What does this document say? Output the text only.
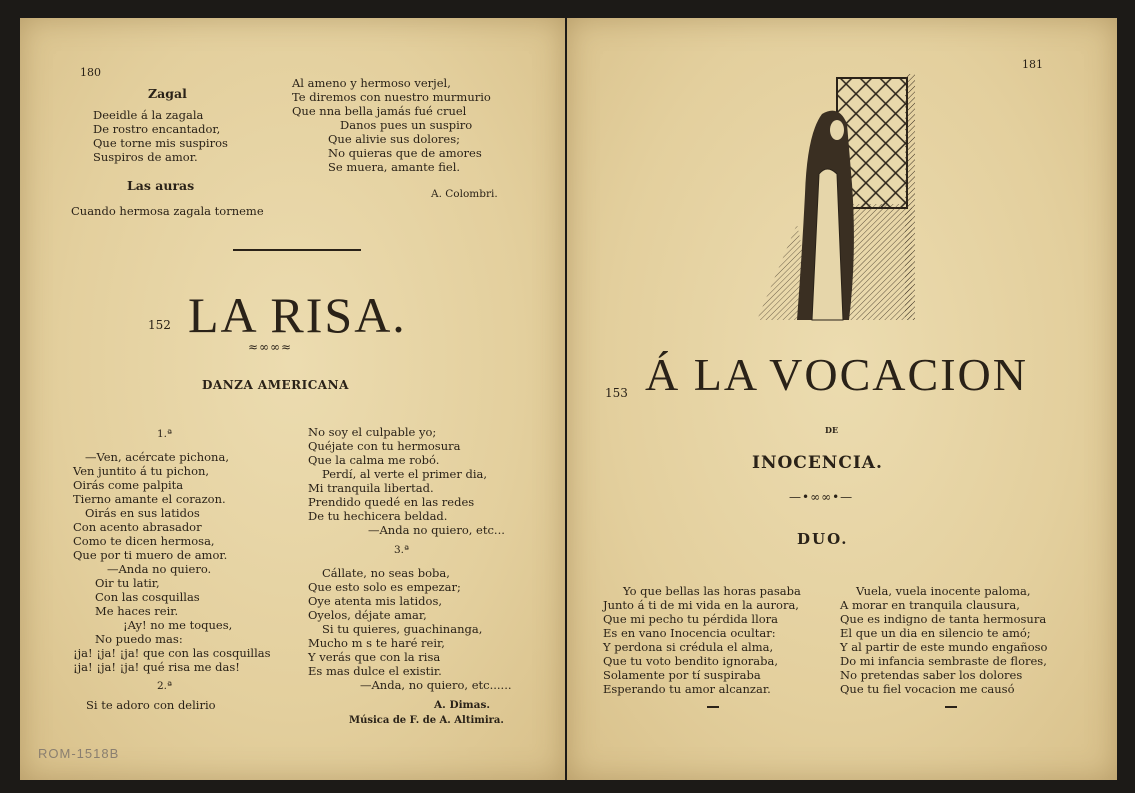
180
Zagal
Deeidle á la zagala
De rostro encantador,
Que torne mis suspiros
Suspiros de amor.
Las auras
Cuando hermosa zagala torneme
Al ameno y hermoso verjel,
Te diremos con nuestro murmurio
Que nna bella jamás fué cruel
Danos pues un suspiro
Que alivie sus dolores;
No quieras que de amores
Se muera, amante fiel.
A. Colombri.
152 LA RISA.
≈∞∞≈
DANZA AMERICANA
1.ª
—Ven, acércate pichona,
Ven juntito á tu pichon,
Oirás come palpita
Tierno amante el corazon.
Oirás en sus latidos
Con acento abrasador
Como te dicen hermosa,
Que por ti muero de amor.
—Anda no quiero.
Oir tu latir,
Con las cosquillas
Me haces reir.
¡Ay! no me toques,
No puedo mas:
¡ja! ¡ja! ¡ja! que con las cosquillas
¡ja! ¡ja! ¡ja! qué risa me das!
2.ª
Si te adoro con delirio
No soy el culpable yo;
Quéjate con tu hermosura
Que la calma me robó.
Perdí, al verte el primer dia,
Mi tranquila libertad.
Prendido quedé en las redes
De tu hechicera beldad.
—Anda no quiero, etc...
3.ª
Cállate, no seas boba,
Que esto solo es empezar;
Oye atenta mis latidos,
Oyelos, déjate amar,
Si tu quieres, guachinanga,
Mucho m s te haré reir,
Y verás que con la risa
Es mas dulce el existir.
—Anda, no quiero, etc......
A. Dimas.
Música de F. de A. Altimira.
ROM-1518B
181
153 Á LA VOCACION
DE
INOCENCIA.
—•∞∞•—
DUO.
Yo que bellas las horas pasaba
Junto á ti de mi vida en la aurora,
Que mi pecho tu pérdida llora
Es en vano Inocencia ocultar:
Y perdona si crédula el alma,
Que tu voto bendito ignoraba,
Solamente por tí suspiraba
Esperando tu amor alcanzar.
Vuela, vuela inocente paloma,
A morar en tranquila clausura,
Que es indigno de tanta hermosura
El que un dia en silencio te amó;
Y al partir de este mundo engañoso
Do mi infancia sembraste de flores,
No pretendas saber los dolores
Que tu fiel vocacion me causó
